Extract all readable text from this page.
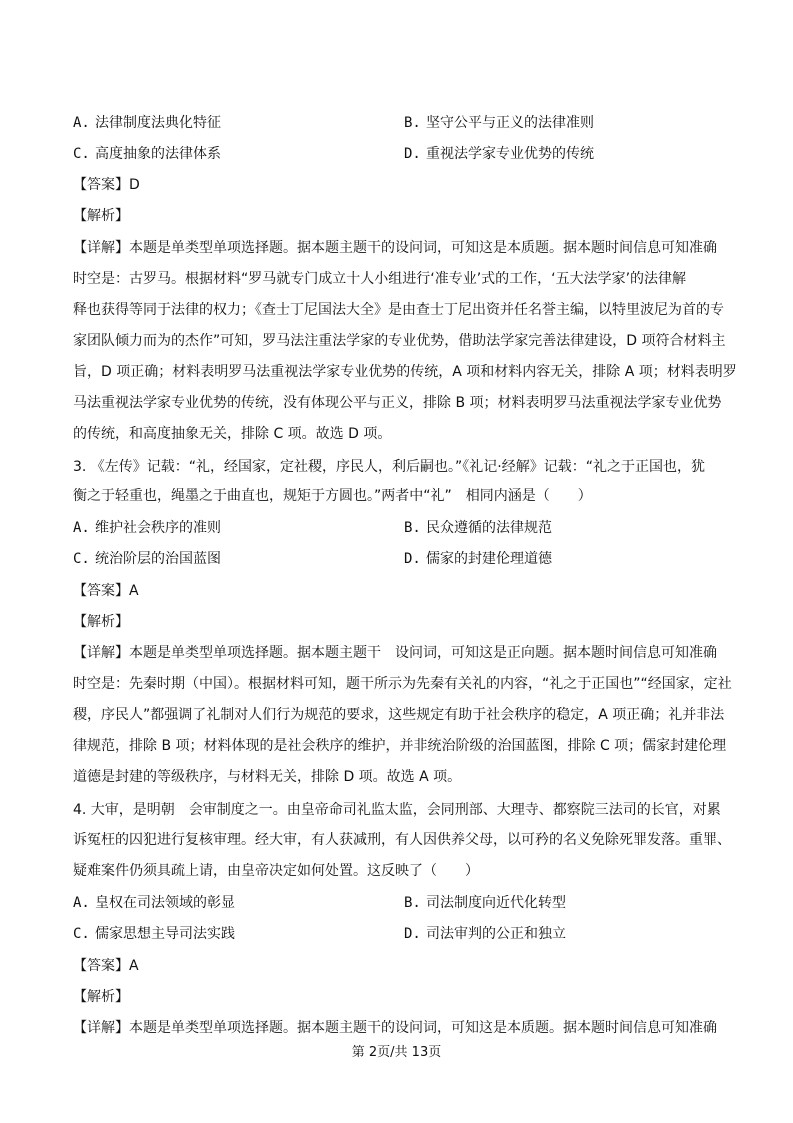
A. 法律制度法典化特征	B. 坚守公平与正义的法律准则
C. 高度抽象的法律体系	D. 重视法学家专业优势的传统
【答案】D
【解析】
【详解】本题是单类型单项选择题。据本题主题干的设问词，可知这是本质题。据本题时间信息可知准确
时空是：古罗马。根据材料“罗马就专门成立十人小组进行‘准专业’式的工作，‘五大法学家’的法律解
释也获得等同于法律的权力；《查士丁尼国法大全》是由查士丁尼出资并任名誉主编，以特里波尼为首的专
家团队倾力而为的杰作”可知，罗马法注重法学家的专业优势，借助法学家完善法律建设，D 项符合材料主
旨，D 项正确；材料表明罗马法重视法学家专业优势的传统，A 项和材料内容无关，排除 A 项；材料表明罗
马法重视法学家专业优势的传统，没有体现公平与正义，排除 B 项；材料表明罗马法重视法学家专业优势
的传统，和高度抽象无关，排除 C 项。故选 D 项。
3. 《左传》记载：“礼，经国家，定社稷，序民人，利后嗣也。”《礼记·经解》记载：“礼之于正国也，犹
衡之于轻重也，绳墨之于曲直也，规矩于方圆也。”两者中“礼”　相同内涵是（　　）
A. 维护社会秩序的准则	B. 民众遵循的法律规范
C. 统治阶层的治国蓝图	D. 儒家的封建伦理道德
【答案】A
【解析】
【详解】本题是单类型单项选择题。据本题主题干　设问词，可知这是正向题。据本题时间信息可知准确
时空是：先秦时期（中国）。根据材料可知，题干所示为先秦有关礼的内容，“礼之于正国也”“经国家，定社
稷，序民人”都强调了礼制对人们行为规范的要求，这些规定有助于社会秩序的稳定，A 项正确；礼并非法
律规范，排除 B 项；材料体现的是社会秩序的维护，并非统治阶级的治国蓝图，排除 C 项；儒家封建伦理
道德是封建的等级秩序，与材料无关，排除 D 项。故选 A 项。
4. 大审，是明朝　会审制度之一。由皇帝命司礼监太监，会同刑部、大理寺、都察院三法司的长官，对累
诉冤枉的囚犯进行复核审理。经大审，有人获减刑，有人因供养父母，以可矜的名义免除死罪发落。重罪、
疑难案件仍须具疏上请，由皇帝决定如何处置。这反映了（　　）
A. 皇权在司法领域的彰显	B. 司法制度向近代化转型
C. 儒家思想主导司法实践	D. 司法审判的公正和独立
【答案】A
【解析】
【详解】本题是单类型单项选择题。据本题主题干的设问词，可知这是本质题。据本题时间信息可知准确
第 2页/共 13页
